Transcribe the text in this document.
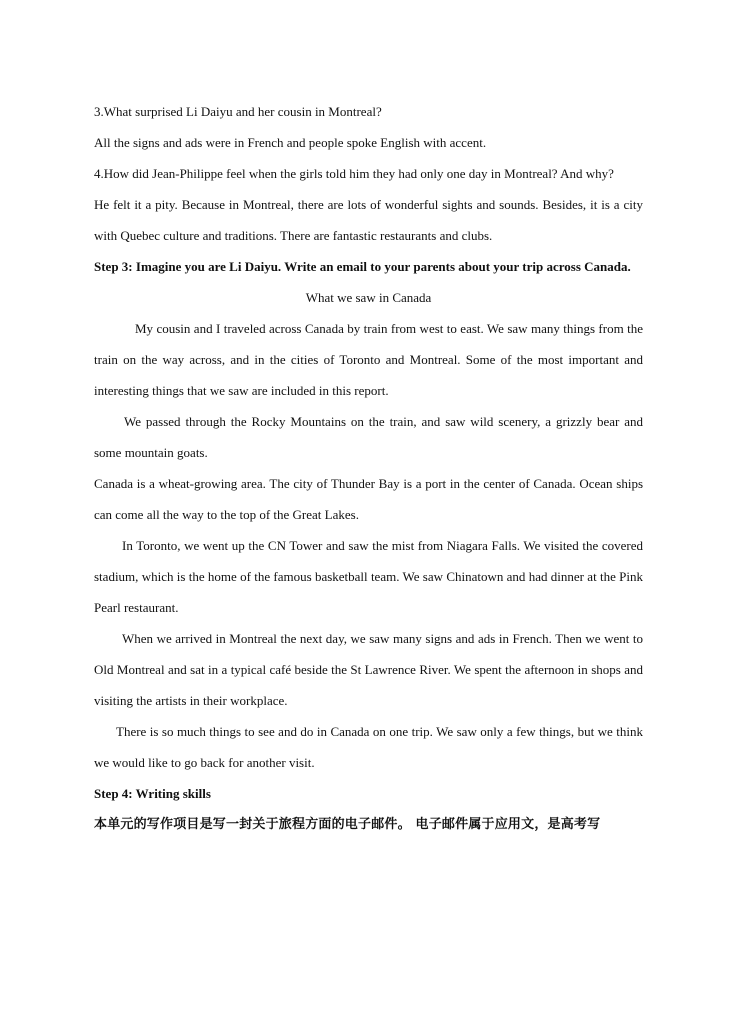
3.What surprised Li Daiyu and her cousin in Montreal?

All the signs and ads were in French and people spoke English with accent.

4.How did Jean-Philippe feel when the girls told him they had only one day in Montreal? And why?

He felt it a pity. Because in Montreal, there are lots of wonderful sights and sounds. Besides, it is a city with Quebec culture and traditions. There are fantastic restaurants and clubs.

Step 3: Imagine you are Li Daiyu. Write an email to your parents about your trip across Canada.

What we saw in Canada

My cousin and I traveled across Canada by train from west to east. We saw many things from the train on the way across, and in the cities of Toronto and Montreal. Some of the most important and interesting things that we saw are included in this report.

We passed through the Rocky Mountains on the train, and saw wild scenery, a grizzly bear and some mountain goats.

Canada is a wheat-growing area. The city of Thunder Bay is a port in the center of Canada. Ocean ships can come all the way to the top of the Great Lakes.

In Toronto, we went up the CN Tower and saw the mist from Niagara Falls. We visited the covered stadium, which is the home of the famous basketball team. We saw Chinatown and had dinner at the Pink Pearl restaurant.

When we arrived in Montreal the next day, we saw many signs and ads in French. Then we went to Old Montreal and sat in a typical café beside the St Lawrence River. We spent the afternoon in shops and visiting the artists in their workplace.

There is so much things to see and do in Canada on one trip. We saw only a few things, but we think we would like to go back for another visit.

Step 4: Writing skills

本单元的写作项目是写一封关于旅程方面的电子邮件。 电子邮件属于应用文，是高考写
